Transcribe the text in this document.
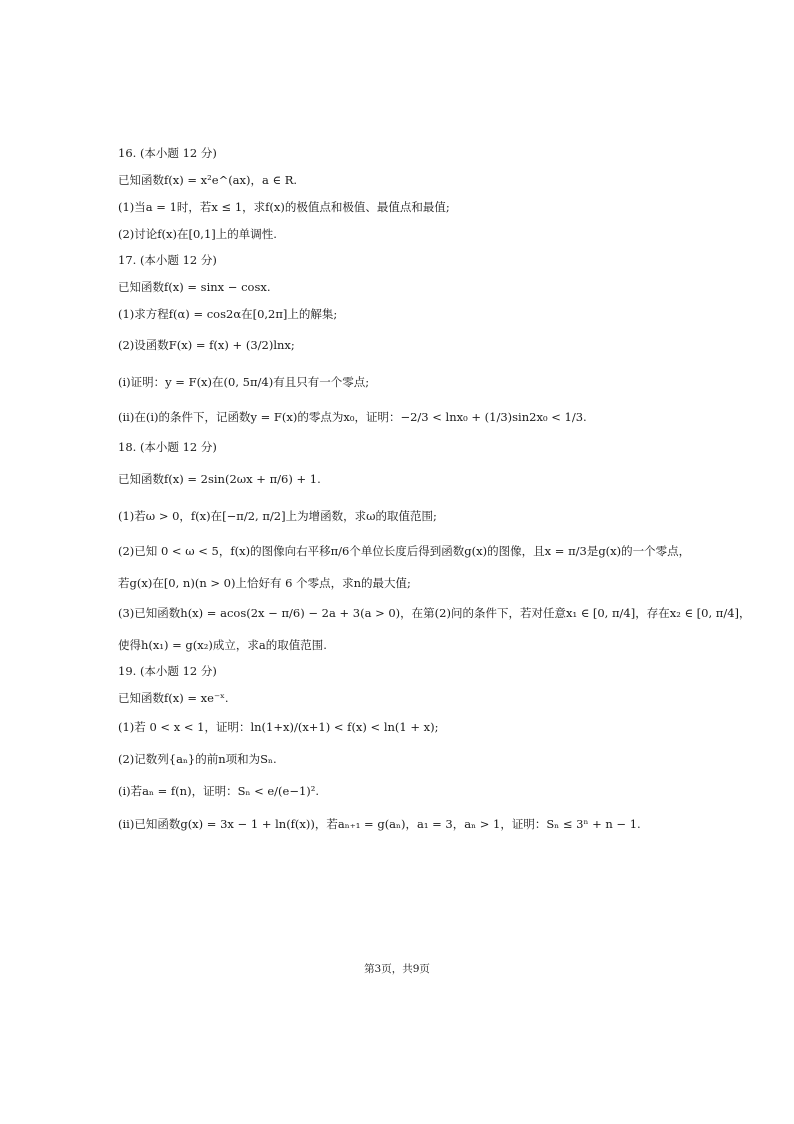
16. (本小题 12 分)
已知函数f(x) = x²e^(ax)，a ∈ R.
(1)当a = 1时，若x ≤ 1，求f(x)的极值点和极值、最值点和最值;
(2)讨论f(x)在[0,1]上的单调性.
17. (本小题 12 分)
已知函数f(x) = sinx − cosx.
(1)求方程f(α) = cos2α在[0,2π]上的解集;
(2)设函数F(x) = f(x) + (3/2)lnx;
(i)证明：y = F(x)在(0, 5π/4)有且只有一个零点;
(ii)在(i)的条件下，记函数y = F(x)的零点为x₀，证明：−2/3 < lnx₀ + (1/3)sin2x₀ < 1/3.
18. (本小题 12 分)
已知函数f(x) = 2sin(2ωx + π/6) + 1.
(1)若ω > 0，f(x)在[−π/2, π/2]上为增函数，求ω的取值范围;
(2)已知 0 < ω < 5，f(x)的图像向右平移π/6个单位长度后得到函数g(x)的图像，且x = π/3是g(x)的一个零点，
若g(x)在[0, n)(n > 0)上恰好有 6 个零点，求n的最大值;
(3)已知函数h(x) = acos(2x − π/6) − 2a + 3(a > 0)，在第(2)问的条件下，若对任意x₁ ∈ [0, π/4]，存在x₂ ∈ [0, π/4]，
使得h(x₁) = g(x₂)成立，求a的取值范围.
19. (本小题 12 分)
已知函数f(x) = xe⁻ˣ.
(1)若 0 < x < 1，证明：ln(1+x)/(x+1) < f(x) < ln(1 + x);
(2)记数列{aₙ}的前n项和为Sₙ.
(i)若aₙ = f(n)，证明：Sₙ < e/(e−1)².
(ii)已知函数g(x) = 3x − 1 + ln(f(x))，若aₙ₊₁ = g(aₙ)，a₁ = 3，aₙ > 1，证明：Sₙ ≤ 3ⁿ + n − 1.
第3页，共9页
